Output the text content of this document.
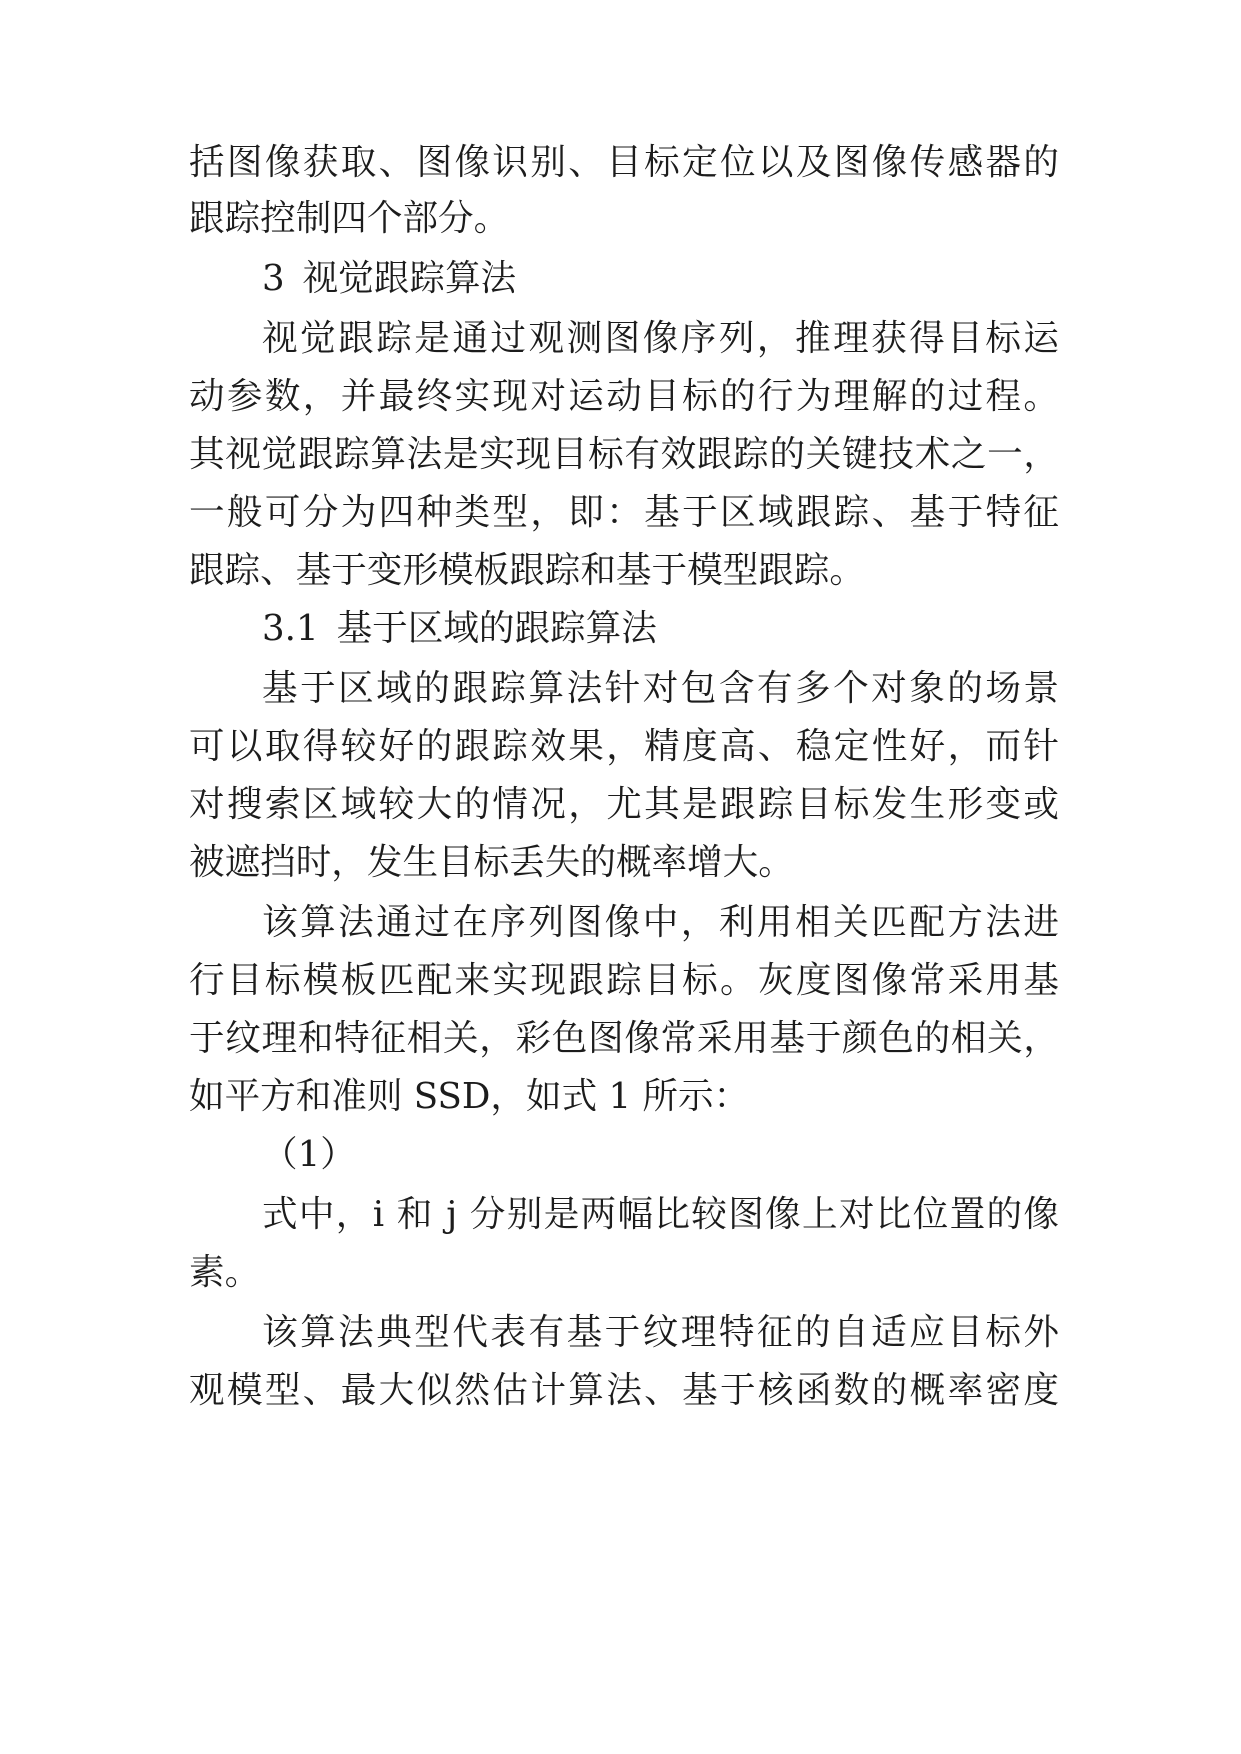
括图像获取、图像识别、目标定位以及图像传感器的
跟踪控制四个部分。
3 视觉跟踪算法
视觉跟踪是通过观测图像序列，推理获得目标运
动参数，并最终实现对运动目标的行为理解的过程。
其视觉跟踪算法是实现目标有效跟踪的关键技术之一，
一般可分为四种类型，即：基于区域跟踪、基于特征
跟踪、基于变形模板跟踪和基于模型跟踪。
3.1 基于区域的跟踪算法
基于区域的跟踪算法针对包含有多个对象的场景
可以取得较好的跟踪效果，精度高、稳定性好，而针
对搜索区域较大的情况，尤其是跟踪目标发生形变或
被遮挡时，发生目标丢失的概率增大。
该算法通过在序列图像中，利用相关匹配方法进
行目标模板匹配来实现跟踪目标。灰度图像常采用基
于纹理和特征相关，彩色图像常采用基于颜色的相关，
如平方和准则 SSD，如式 1 所示：
（1）
式中，i 和 j 分别是两幅比较图像上对比位置的像
素。
该算法典型代表有基于纹理特征的自适应目标外
观模型、最大似然估计算法、基于核函数的概率密度
